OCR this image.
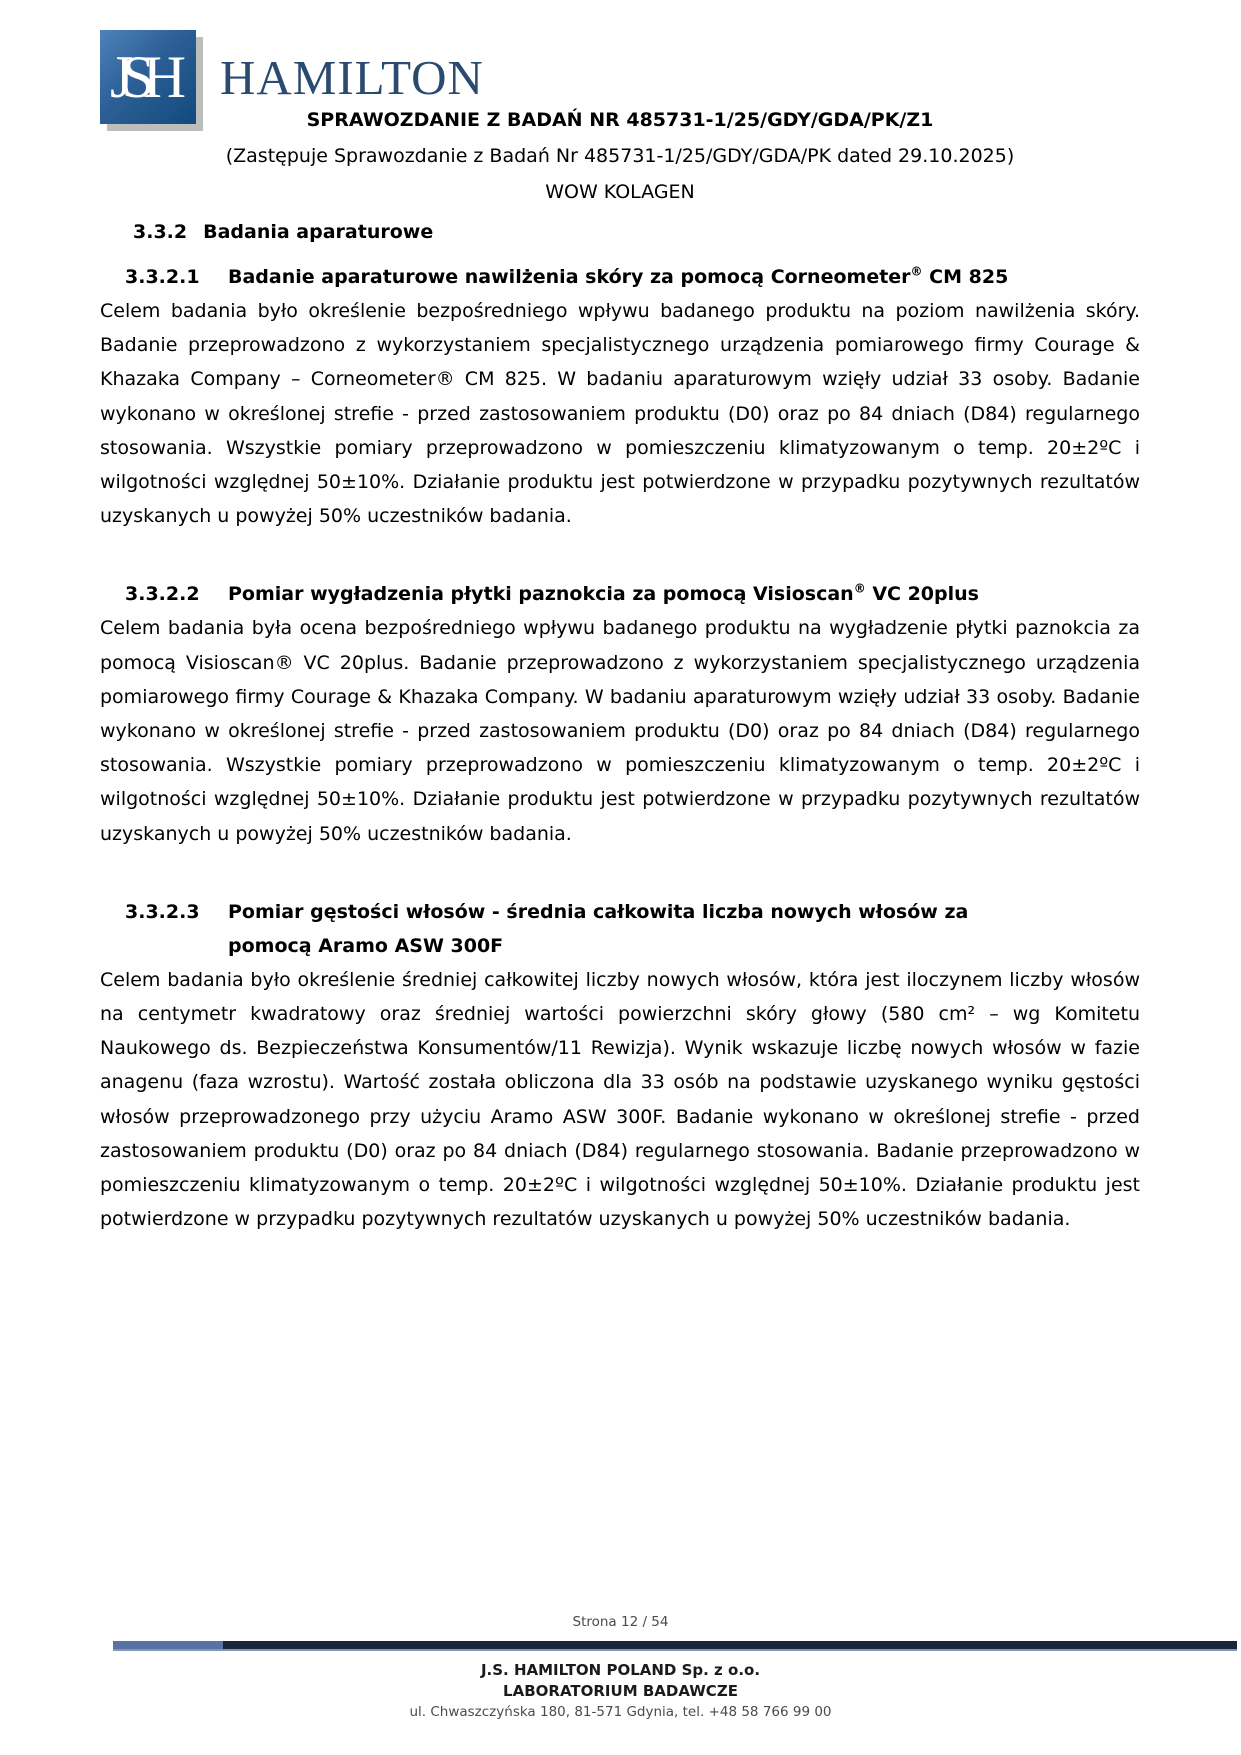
JSH HAMILTON
SPRAWOZDANIE Z BADAŃ NR 485731-1/25/GDY/GDA/PK/Z1
(Zastępuje Sprawozdanie z Badań Nr 485731-1/25/GDY/GDA/PK dated 29.10.2025)
WOW KOLAGEN
3.3.2 Badania aparaturowe
3.3.2.1	Badanie aparaturowe nawilżenia skóry za pomocą Corneometer® CM 825

Celem badania było określenie bezpośredniego wpływu badanego produktu na poziom nawilżenia skóry. Badanie przeprowadzono z wykorzystaniem specjalistycznego urządzenia pomiarowego firmy Courage & Khazaka Company – Corneometer® CM 825. W badaniu aparaturowym wzięły udział 33 osoby. Badanie wykonano w określonej strefie - przed zastosowaniem produktu (D0) oraz po 84 dniach (D84) regularnego stosowania. Wszystkie pomiary przeprowadzono w pomieszczeniu klimatyzowanym o temp. 20±2ºC i wilgotności względnej 50±10%. Działanie produktu jest potwierdzone w przypadku pozytywnych rezultatów uzyskanych u powyżej 50% uczestników badania.

3.3.2.2	Pomiar wygładzenia płytki paznokcia za pomocą Visioscan® VC 20plus

Celem badania była ocena bezpośredniego wpływu badanego produktu na wygładzenie płytki paznokcia za pomocą Visioscan® VC 20plus. Badanie przeprowadzono z wykorzystaniem specjalistycznego urządzenia pomiarowego firmy Courage & Khazaka Company. W badaniu aparaturowym wzięły udział 33 osoby. Badanie wykonano w określonej strefie - przed zastosowaniem produktu (D0) oraz po 84 dniach (D84) regularnego stosowania. Wszystkie pomiary przeprowadzono w pomieszczeniu klimatyzowanym o temp. 20±2ºC i wilgotności względnej 50±10%. Działanie produktu jest potwierdzone w przypadku pozytywnych rezultatów uzyskanych u powyżej 50% uczestników badania.

3.3.2.3	Pomiar gęstości włosów - średnia całkowita liczba nowych włosów za
pomocą Aramo ASW 300F

Celem badania było określenie średniej całkowitej liczby nowych włosów, która jest iloczynem liczby włosów na centymetr kwadratowy oraz średniej wartości powierzchni skóry głowy (580 cm² – wg Komitetu Naukowego ds. Bezpieczeństwa Konsumentów/11 Rewizja). Wynik wskazuje liczbę nowych włosów w fazie anagenu (faza wzrostu). Wartość została obliczona dla 33 osób na podstawie uzyskanego wyniku gęstości włosów przeprowadzonego przy użyciu Aramo ASW 300F. Badanie wykonano w określonej strefie - przed zastosowaniem produktu (D0) oraz po 84 dniach (D84) regularnego stosowania. Badanie przeprowadzono w pomieszczeniu klimatyzowanym o temp. 20±2ºC i wilgotności względnej 50±10%. Działanie produktu jest potwierdzone w przypadku pozytywnych rezultatów uzyskanych u powyżej 50% uczestników badania.

Strona 12 / 54
J.S. HAMILTON POLAND Sp. z o.o.
LABORATORIUM BADAWCZE
ul. Chwaszczyńska 180, 81-571 Gdynia, tel. +48 58 766 99 00
